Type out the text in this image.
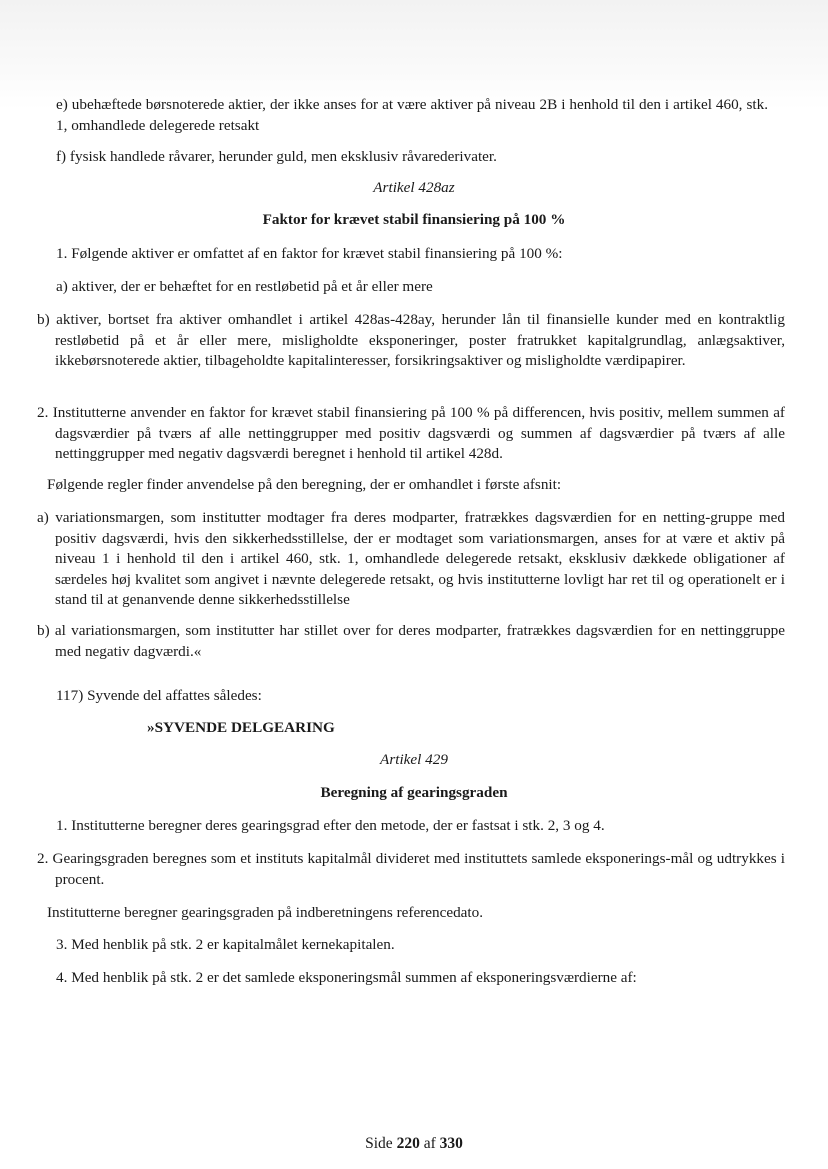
e) ubehæftede børsnoterede aktier, der ikke anses for at være aktiver på niveau 2B i henhold til den i artikel 460, stk. 1, omhandlede delegerede retsakt

f) fysisk handlede råvarer, herunder guld, men eksklusiv råvarederivater.

Artikel 428az

Faktor for krævet stabil finansiering på 100 %

1. Følgende aktiver er omfattet af en faktor for krævet stabil finansiering på 100 %:

a) aktiver, der er behæftet for en restløbetid på et år eller mere

b) aktiver, bortset fra aktiver omhandlet i artikel 428as-428ay, herunder lån til finansielle kunder med en kontraktlig restløbetid på et år eller mere, misligholdte eksponeringer, poster fratrukket kapitalgrundlag, anlægsaktiver, ikkebørsnoterede aktier, tilbageholdte kapitalinteresser, forsikringsaktiver og misligholdte værdipapirer.

2. Institutterne anvender en faktor for krævet stabil finansiering på 100 % på differencen, hvis positiv, mellem summen af dagsværdier på tværs af alle nettinggrupper med positiv dagsværdi og summen af dagsværdier på tværs af alle nettinggrupper med negativ dagsværdi beregnet i henhold til artikel 428d.

Følgende regler finder anvendelse på den beregning, der er omhandlet i første afsnit:

a) variationsmargen, som institutter modtager fra deres modparter, fratrækkes dagsværdien for en netting-gruppe med positiv dagsværdi, hvis den sikkerhedsstillelse, der er modtaget som variationsmargen, anses for at være et aktiv på niveau 1 i henhold til den i artikel 460, stk. 1, omhandlede delegerede retsakt, eksklusiv dækkede obligationer af særdeles høj kvalitet som angivet i nævnte delegerede retsakt, og hvis institutterne lovligt har ret til og operationelt er i stand til at genanvende denne sikkerhedsstillelse

b) al variationsmargen, som institutter har stillet over for deres modparter, fratrækkes dagsværdien for en nettinggruppe med negativ dagværdi.«

117) Syvende del affattes således:

»SYVENDE DELGEARING

Artikel 429

Beregning af gearingsgraden

1. Institutterne beregner deres gearingsgrad efter den metode, der er fastsat i stk. 2, 3 og 4.

2. Gearingsgraden beregnes som et instituts kapitalmål divideret med instituttets samlede eksponerings-mål og udtrykkes i procent.

Institutterne beregner gearingsgraden på indberetningens referencedato.

3. Med henblik på stk. 2 er kapitalmålet kernekapitalen.

4. Med henblik på stk. 2 er det samlede eksponeringsmål summen af eksponeringsværdierne af:

Side 220 af 330
